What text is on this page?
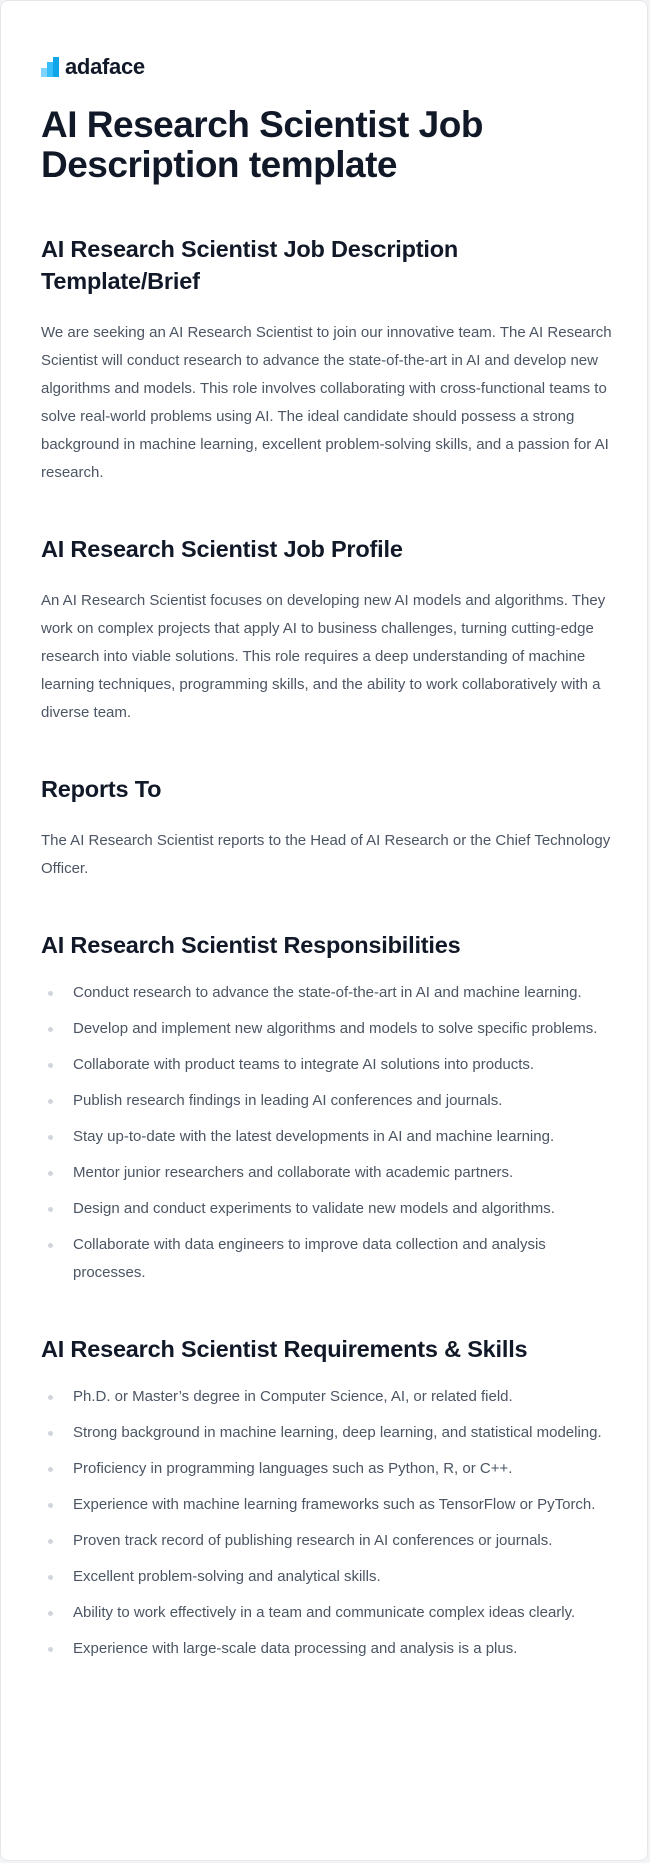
adaface
AI Research Scientist Job Description template
AI Research Scientist Job Description Template/Brief

We are seeking an AI Research Scientist to join our innovative team. The AI Research Scientist will conduct research to advance the state-of-the-art in AI and develop new algorithms and models. This role involves collaborating with cross-functional teams to solve real-world problems using AI. The ideal candidate should possess a strong background in machine learning, excellent problem-solving skills, and a passion for AI research.

AI Research Scientist Job Profile

An AI Research Scientist focuses on developing new AI models and algorithms. They work on complex projects that apply AI to business challenges, turning cutting-edge research into viable solutions. This role requires a deep understanding of machine learning techniques, programming skills, and the ability to work collaboratively with a diverse team.

Reports To

The AI Research Scientist reports to the Head of AI Research or the Chief Technology Officer.

AI Research Scientist Responsibilities
Conduct research to advance the state-of-the-art in AI and machine learning.
Develop and implement new algorithms and models to solve specific problems.
Collaborate with product teams to integrate AI solutions into products.
Publish research findings in leading AI conferences and journals.
Stay up-to-date with the latest developments in AI and machine learning.
Mentor junior researchers and collaborate with academic partners.
Design and conduct experiments to validate new models and algorithms.
Collaborate with data engineers to improve data collection and analysis processes.
AI Research Scientist Requirements & Skills
Ph.D. or Master’s degree in Computer Science, AI, or related field.
Strong background in machine learning, deep learning, and statistical modeling.
Proficiency in programming languages such as Python, R, or C++.
Experience with machine learning frameworks such as TensorFlow or PyTorch.
Proven track record of publishing research in AI conferences or journals.
Excellent problem-solving and analytical skills.
Ability to work effectively in a team and communicate complex ideas clearly.
Experience with large-scale data processing and analysis is a plus.
